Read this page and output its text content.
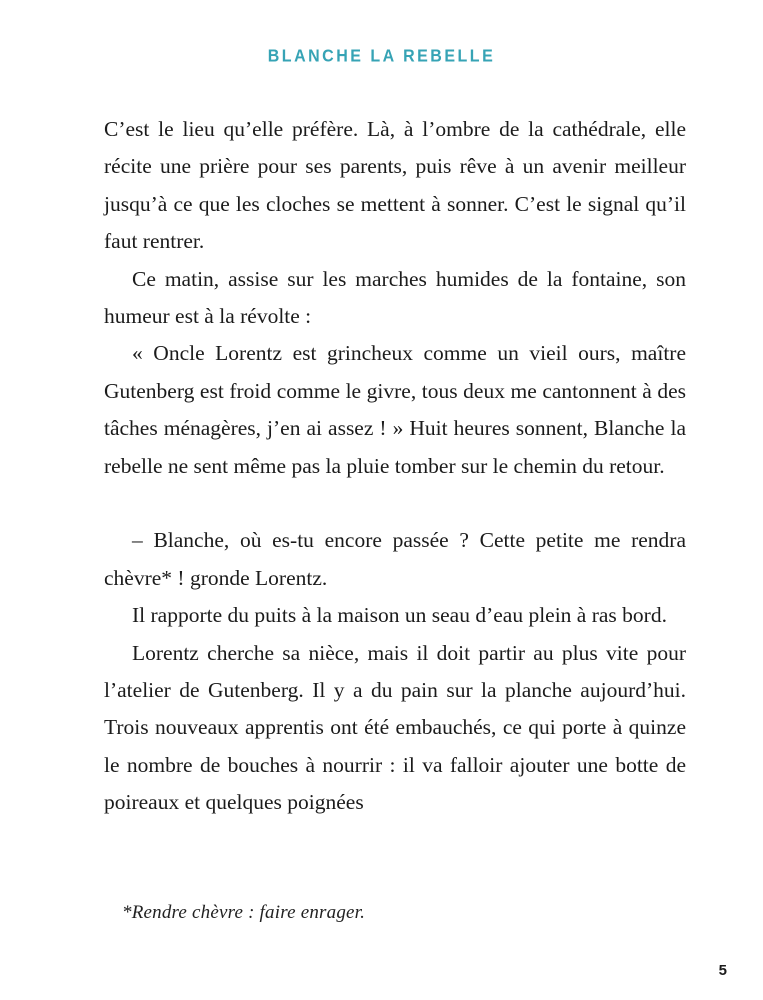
BLANCHE LA REBELLE

C’est le lieu qu’elle préfère. Là, à l’ombre de la cathédrale, elle récite une prière pour ses parents, puis rêve à un avenir meilleur jusqu’à ce que les cloches se mettent à sonner. C’est le signal qu’il faut rentrer.

Ce matin, assise sur les marches humides de la fontaine, son humeur est à la révolte :

« Oncle Lorentz est grincheux comme un vieil ours, maître Gutenberg est froid comme le givre, tous deux me cantonnent à des tâches ménagères, j’en ai assez ! » Huit heures sonnent, Blanche la rebelle ne sent même pas la pluie tomber sur le chemin du retour.

– Blanche, où es-tu encore passée ? Cette petite me rendra chèvre* ! gronde Lorentz.

Il rapporte du puits à la maison un seau d’eau plein à ras bord.

Lorentz cherche sa nièce, mais il doit partir au plus vite pour l’atelier de Gutenberg. Il y a du pain sur la planche aujourd’hui. Trois nouveaux apprentis ont été embauchés, ce qui porte à quinze le nombre de bouches à nourrir : il va falloir ajouter une botte de poireaux et quelques poignées

*Rendre chèvre : faire enrager.
5
